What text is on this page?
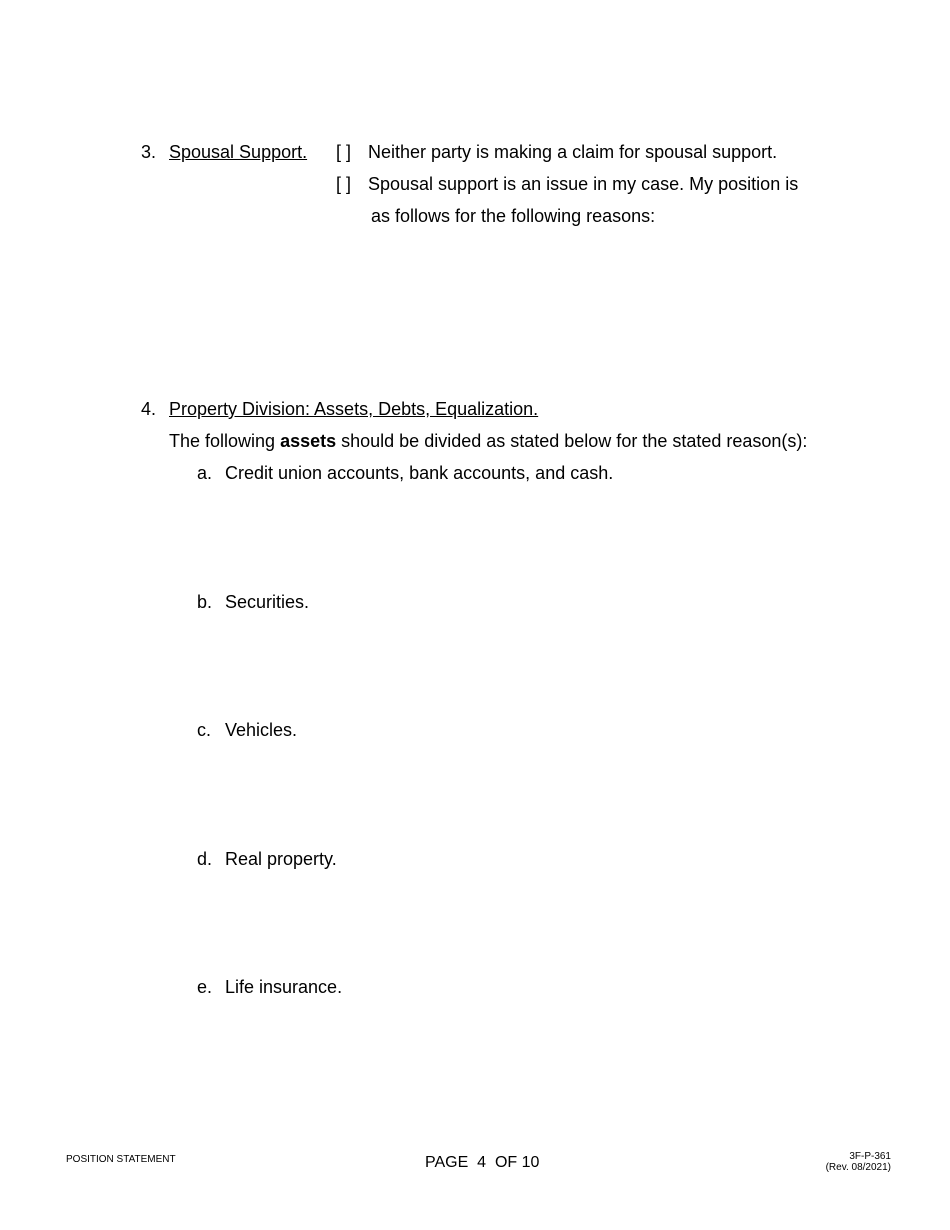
3. Spousal Support. [ ] Neither party is making a claim for spousal support.
[ ] Spousal support is an issue in my case. My position is
as follows for the following reasons:
4. Property Division: Assets, Debts, Equalization.
The following assets should be divided as stated below for the stated reason(s):
a. Credit union accounts, bank accounts, and cash.
b. Securities.
c. Vehicles.
d. Real property.
e. Life insurance.
POSITION STATEMENT	PAGE 4 OF 10	3F-P-361
(Rev. 08/2021)
